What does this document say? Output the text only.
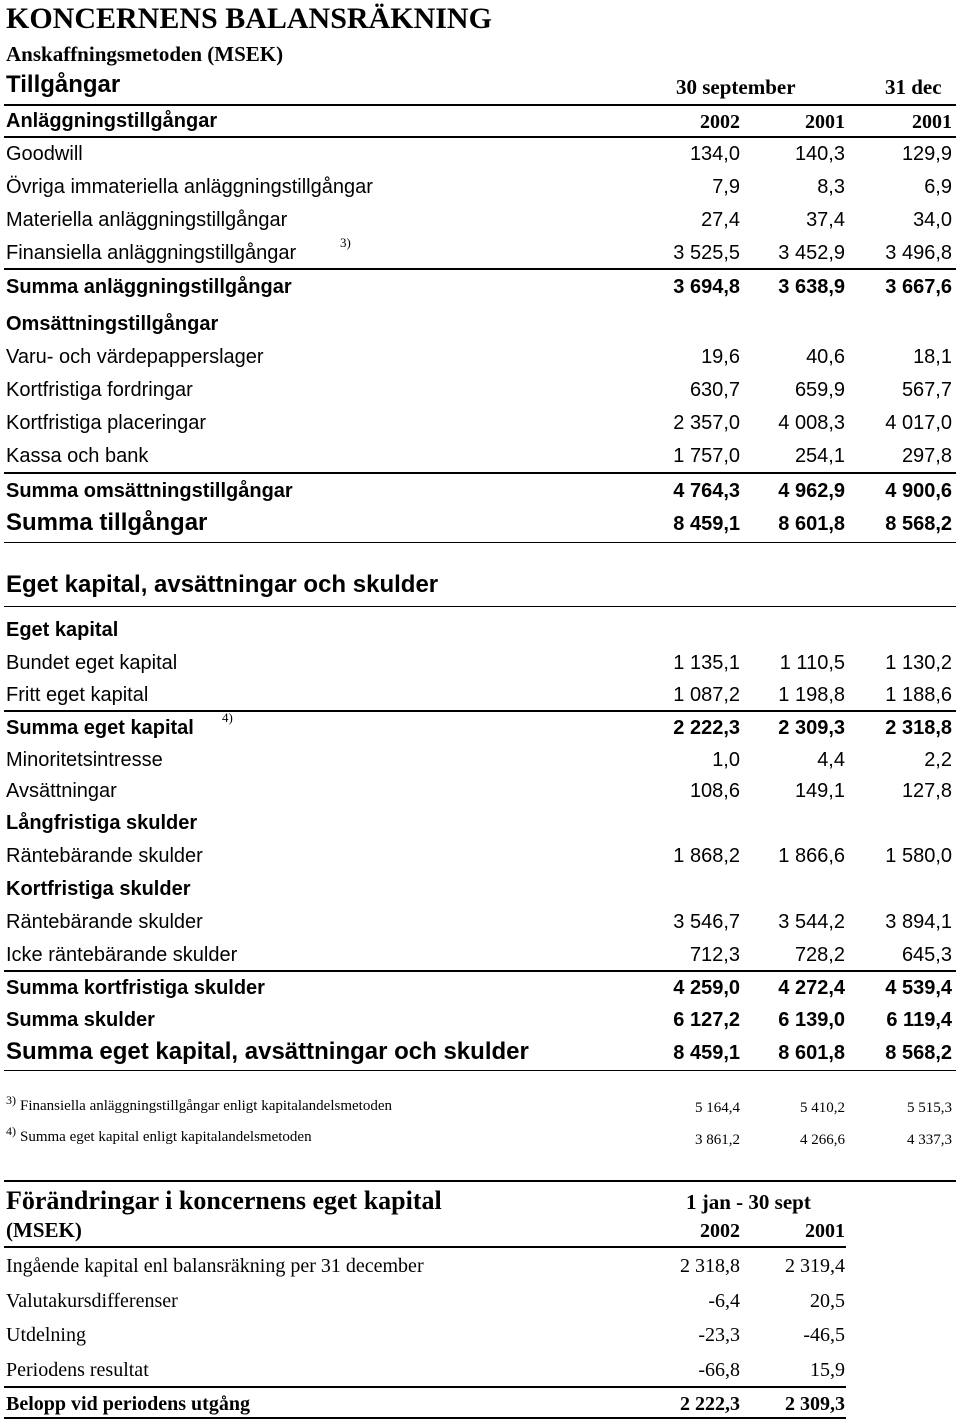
KONCERNENS BALANSRÄKNING
Anskaffningsmetoden (MSEK)
Tillgångar	30 september	31 dec
Anläggningstillgångar	2002	2001	2001
Goodwill	134,0	140,3	129,9
Övriga immateriella anläggningstillgångar	7,9	8,3	6,9
Materiella anläggningstillgångar	27,4	37,4	34,0
Finansiella anläggningstillgångar	3)	3 525,5	3 452,9	3 496,8
Summa anläggningstillgångar	3 694,8	3 638,9	3 667,6
Omsättningstillgångar
Varu- och värdepapperslager	19,6	40,6	18,1
Kortfristiga fordringar	630,7	659,9	567,7
Kortfristiga placeringar	2 357,0	4 008,3	4 017,0
Kassa och bank	1 757,0	254,1	297,8
Summa omsättningstillgångar	4 764,3	4 962,9	4 900,6
Summa tillgångar	8 459,1	8 601,8	8 568,2
Eget kapital, avsättningar och skulder
Eget kapital
Bundet eget kapital	1 135,1	1 110,5	1 130,2
Fritt eget kapital	1 087,2	1 198,8	1 188,6
Summa eget kapital 4)	2 222,3	2 309,3	2 318,8
Minoritetsintresse	1,0	4,4	2,2
Avsättningar	108,6	149,1	127,8
Långfristiga skulder
Räntebärande skulder	1 868,2	1 866,6	1 580,0
Kortfristiga skulder
Räntebärande skulder	3 546,7	3 544,2	3 894,1
Icke räntebärande skulder	712,3	728,2	645,3
Summa kortfristiga skulder	4 259,0	4 272,4	4 539,4
Summa skulder	6 127,2	6 139,0	6 119,4
Summa eget kapital, avsättningar och skulder	8 459,1	8 601,8	8 568,2
3) Finansiella anläggningstillgångar enligt kapitalandelsmetoden	5 164,4	5 410,2	5 515,3
4) Summa eget kapital enligt kapitalandelsmetoden	3 861,2	4 266,6	4 337,3
Förändringar i koncernens eget kapital	1 jan - 30 sept
(MSEK)	2002	2001
Ingående kapital enl balansräkning per 31 december	2 318,8	2 319,4
Valutakursdifferenser	-6,4	20,5
Utdelning	-23,3	-46,5
Periodens resultat	-66,8	15,9
Belopp vid periodens utgång	2 222,3	2 309,3
